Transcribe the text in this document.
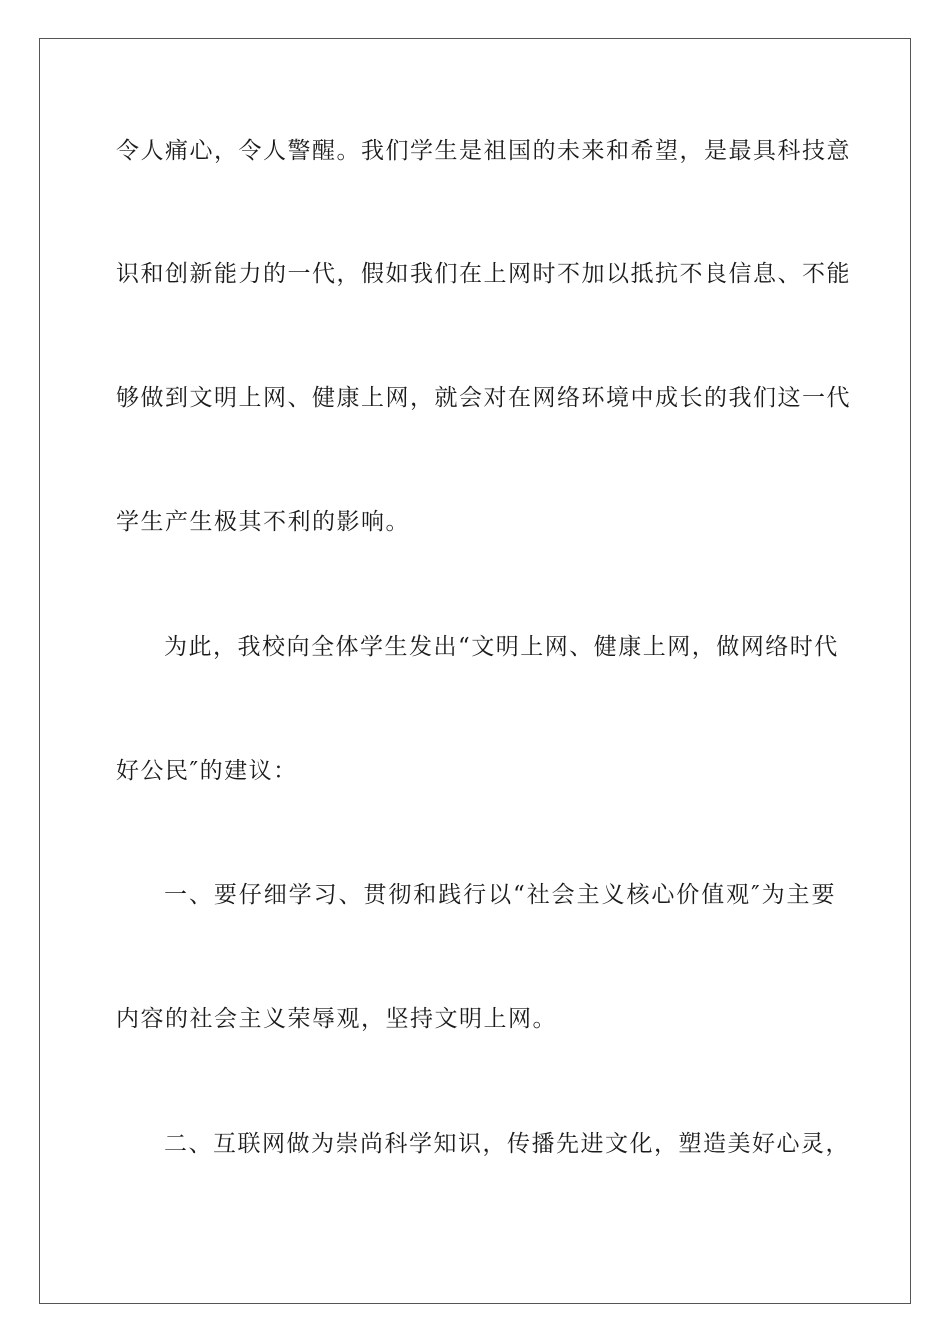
令人痛心，令人警醒。我们学生是祖国的未来和希望，是最具科技意
识和创新能力的一代，假如我们在上网时不加以抵抗不良信息、不能
够做到文明上网、健康上网，就会对在网络环境中成长的我们这一代
学生产生极其不利的影响。
为此，我校向全体学生发出“文明上网、健康上网，做网络时代
好公民″的建议：
一、要仔细学习、贯彻和践行以“社会主义核心价值观″为主要
内容的社会主义荣辱观，坚持文明上网。
二、互联网做为崇尚科学知识，传播先进文化，塑造美好心灵，
